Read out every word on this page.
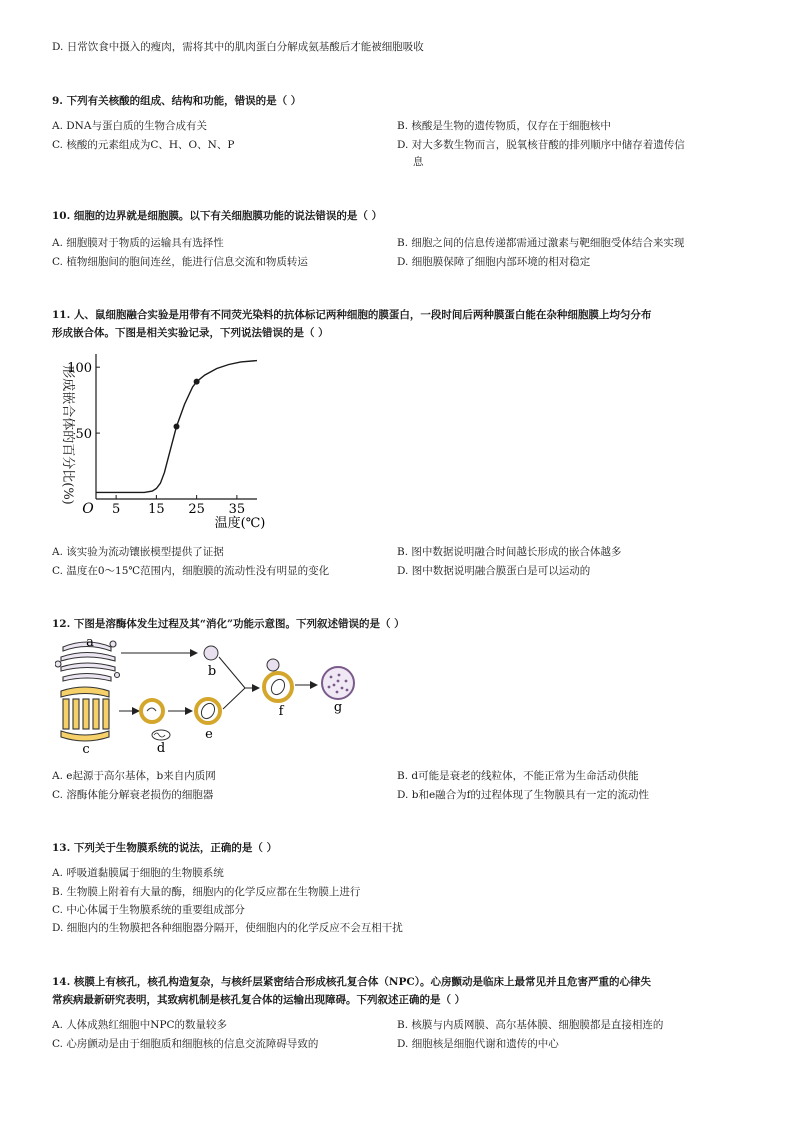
D. 日常饮食中摄入的瘦肉，需将其中的肌肉蛋白分解成氨基酸后才能被细胞吸收
9. 下列有关核酸的组成、结构和功能，错误的是（ ）
A. DNA与蛋白质的生物合成有关	B. 核酸是生物的遗传物质，仅存在于细胞核中
C. 核酸的元素组成为C、H、O、N、P	D. 对大多数生物而言，脱氧核苷酸的排列顺序中储存着遗传信
息
10. 细胞的边界就是细胞膜。以下有关细胞膜功能的说法错误的是（ ）
A. 细胞膜对于物质的运输具有选择性	B. 细胞之间的信息传递都需通过激素与靶细胞受体结合来实现
C. 植物细胞间的胞间连丝，能进行信息交流和物质转运	D. 细胞膜保障了细胞内部环境的相对稳定
11. 人、鼠细胞融合实验是用带有不同荧光染料的抗体标记两种细胞的膜蛋白，一段时间后两种膜蛋白能在杂种细胞膜上均匀分布
形成嵌合体。下图是相关实验记录，下列说法错误的是（ ）
形成嵌合体的百分比(%)
5 15 25 35
50
100
O
温度(℃)
A. 该实验为流动镶嵌模型提供了证据	B. 图中数据说明融合时间越长形成的嵌合体越多
C. 温度在0～15℃范围内，细胞膜的流动性没有明显的变化	D. 图中数据说明融合膜蛋白是可以运动的
12. 下图是溶酶体发生过程及其“消化”功能示意图。下列叙述错误的是（ ）
a
b
c	d
e
f	g
A. e起源于高尔基体，b来自内质网	B. d可能是衰老的线粒体，不能正常为生命活动供能
C. 溶酶体能分解衰老损伤的细胞器	D. b和e融合为f的过程体现了生物膜具有一定的流动性
13. 下列关于生物膜系统的说法，正确的是（ ）
A. 呼吸道黏膜属于细胞的生物膜系统
B. 生物膜上附着有大量的酶，细胞内的化学反应都在生物膜上进行
C. 中心体属于生物膜系统的重要组成部分
D. 细胞内的生物膜把各种细胞器分隔开，使细胞内的化学反应不会互相干扰
14. 核膜上有核孔，核孔构造复杂，与核纤层紧密结合形成核孔复合体（NPC）。心房颤动是临床上最常见并且危害严重的心律失
常疾病最新研究表明，其致病机制是核孔复合体的运输出现障碍。下列叙述正确的是（ ）
A. 人体成熟红细胞中NPC的数量较多	B. 核膜与内质网膜、高尔基体膜、细胞膜都是直接相连的
C. 心房颤动是由于细胞质和细胞核的信息交流障碍导致的	D. 细胞核是细胞代谢和遗传的中心
